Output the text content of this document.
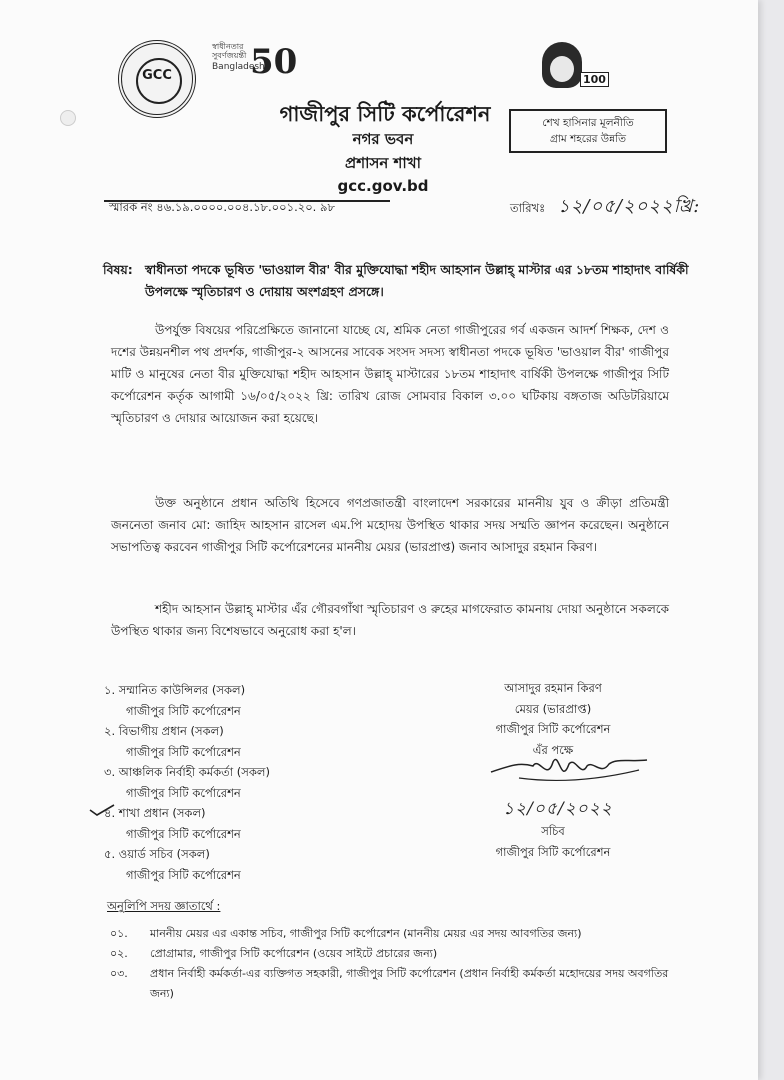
GCC
স্বাধীনতার
সুবর্ণজয়ন্তী
Bangladesh
50	100
গাজীপুর সিটি কর্পোরেশন
নগর ভবন
প্রশাসন শাখা
gcc.gov.bd
শেখ হাসিনার মূলনীতি
গ্রাম শহরের উন্নতি
স্মারক নং ৪৬.১৯.০০০০.০০৪.১৮.০০১.২০. ৯৮	তারিখঃ ১২/০৫/২০২২খ্রি:
বিষয়: স্বাধীনতা পদকে ভূষিত 'ভাওয়াল বীর' বীর মুক্তিযোদ্ধা শহীদ আহসান উল্লাহ্ মাস্টার এর ১৮তম শাহাদাৎ বার্ষিকী উপলক্ষে স্মৃতিচারণ ও দোয়ায় অংশগ্রহণ প্রসঙ্গে।
উপর্যুক্ত বিষয়ের পরিপ্রেক্ষিতে জানানো যাচ্ছে যে, শ্রমিক নেতা গাজীপুরের গর্ব একজন আদর্শ শিক্ষক, দেশ ও দশের উন্নয়নশীল পথ প্রদর্শক, গাজীপুর-২ আসনের সাবেক সংসদ সদস্য স্বাধীনতা পদকে ভূষিত 'ভাওয়াল বীর' গাজীপুর মাটি ও মানুষের নেতা বীর মুক্তিযোদ্ধা শহীদ আহসান উল্লাহ্ মাস্টারের ১৮তম শাহাদাৎ বার্ষিকী উপলক্ষে গাজীপুর সিটি কর্পোরেশন কর্তৃক আগামী ১৬/০৫/২০২২ খ্রি: তারিখ রোজ সোমবার বিকাল ৩.০০ ঘটিকায় বঙ্গতাজ অডিটরিয়ামে স্মৃতিচারণ ও দোয়ার আয়োজন করা হয়েছে।
উক্ত অনুষ্ঠানে প্রধান অতিথি হিসেবে গণপ্রজাতন্ত্রী বাংলাদেশ সরকারের মাননীয় যুব ও ক্রীড়া প্রতিমন্ত্রী জননেতা জনাব মো: জাহিদ আহসান রাসেল এম.পি মহোদয় উপস্থিত থাকার সদয় সম্মতি জ্ঞাপন করেছেন। অনুষ্ঠানে সভাপতিত্ব করবেন গাজীপুর সিটি কর্পোরেশনের মাননীয় মেয়র (ভারপ্রাপ্ত) জনাব আসাদুর রহমান কিরণ।
শহীদ আহসান উল্লাহ্ মাস্টার এঁর গৌরবগাঁথা স্মৃতিচারণ ও রুহের মাগফেরাত কামনায় দোয়া অনুষ্ঠানে সকলকে উপস্থিত থাকার জন্য বিশেষভাবে অনুরোধ করা হ'ল।
১. সম্মানিত কাউন্সিলর (সকল)
গাজীপুর সিটি কর্পোরেশন
২. বিভাগীয় প্রধান (সকল)
গাজীপুর সিটি কর্পোরেশন
৩. আঞ্চলিক নির্বাহী কর্মকর্তা (সকল)
গাজীপুর সিটি কর্পোরেশন
৪. শাখা প্রধান (সকল)
গাজীপুর সিটি কর্পোরেশন
৫. ওয়ার্ড সচিব (সকল)
গাজীপুর সিটি কর্পোরেশন
আসাদুর রহমান কিরণ
মেয়র (ভারপ্রাপ্ত)
গাজীপুর সিটি কর্পোরেশন
এঁর পক্ষে
১২/০৫/২০২২
সচিব
গাজীপুর সিটি কর্পোরেশন
অনুলিপি সদয় জ্ঞাতার্থে :
০১.	মাননীয় মেয়র এর একান্ত সচিব, গাজীপুর সিটি কর্পোরেশন (মাননীয় মেয়র এর সদয় আবগতির জন্য)
০২.	প্রোগ্রামার, গাজীপুর সিটি কর্পোরেশন (ওয়েব সাইটে প্রচারের জন্য)
০৩.	প্রধান নির্বাহী কর্মকর্তা-এর ব্যক্তিগত সহকারী, গাজীপুর সিটি কর্পোরেশন (প্রধান নির্বাহী কর্মকর্তা মহোদয়ের সদয় অবগতির জন্য)
